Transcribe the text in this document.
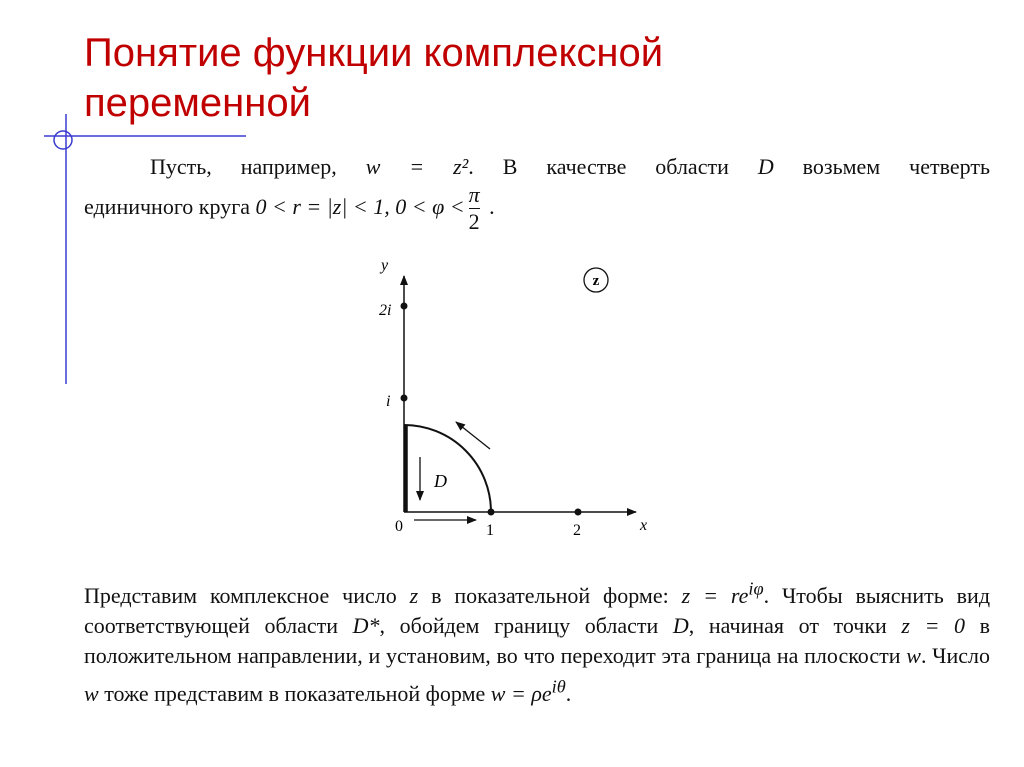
Понятие функции комплексной
переменной
Пусть, например, w = z². В качестве области D возьмем четверть
единичного круга 0 < r = |z| < 1, $0 < \varphi < \frac{\pi}{2}$ .
y
x
2i
i
0	1	2
D
z
Представим комплексное число z в показательной форме: $z = re^{i\varphi}$. Чтобы выяснить вид соответствующей области D*, обойдем границу области D, начиная от точки z = 0 в положительном направлении, и установим, во что переходит эта граница на плоскости w. Число w тоже представим в показательной форме $w = \rho e^{i\theta}$.
